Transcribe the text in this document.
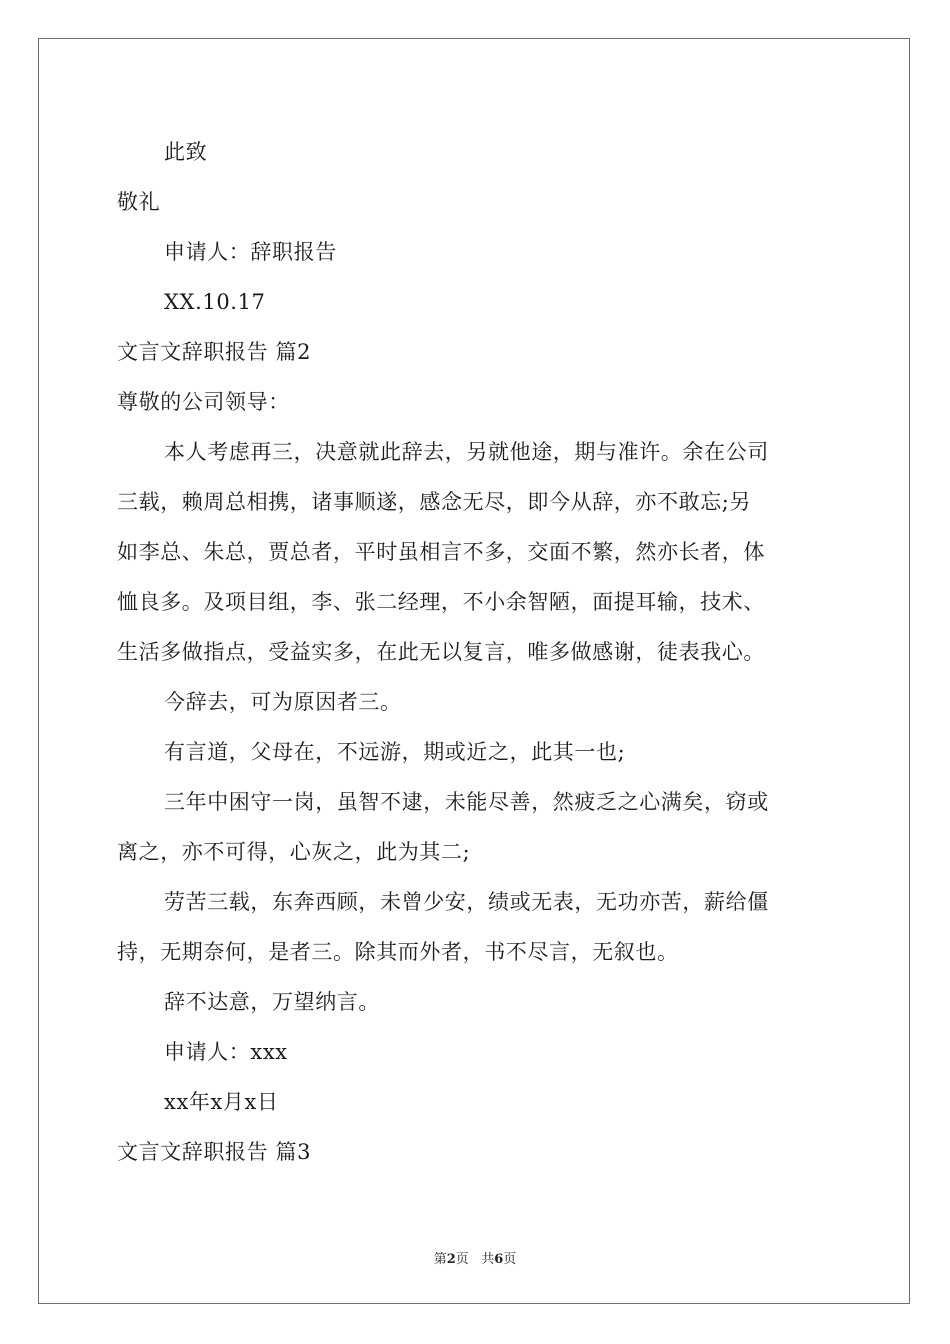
此致
敬礼
申请人：辞职报告
XX.10.17
文言文辞职报告 篇2
尊敬的公司领导：
本人考虑再三，决意就此辞去，另就他途，期与准许。余在公司
三载，赖周总相携，诸事顺遂，感念无尽，即今从辞，亦不敢忘;另
如李总、朱总，贾总者，平时虽相言不多，交面不繁，然亦长者，体
恤良多。及项目组，李、张二经理，不小余智陋，面提耳输，技术、
生活多做指点，受益实多，在此无以复言，唯多做感谢，徒表我心。
今辞去，可为原因者三。
有言道，父母在，不远游，期或近之，此其一也;
三年中困守一岗，虽智不逮，未能尽善，然疲乏之心满矣，窃或
离之，亦不可得，心灰之，此为其二;
劳苦三载，东奔西顾，未曾少安，绩或无表，无功亦苦，薪给僵
持，无期奈何，是者三。除其而外者，书不尽言，无叙也。
辞不达意，万望纳言。
申请人：xxx
xx年x月x日
文言文辞职报告 篇3
第2页 共6页
